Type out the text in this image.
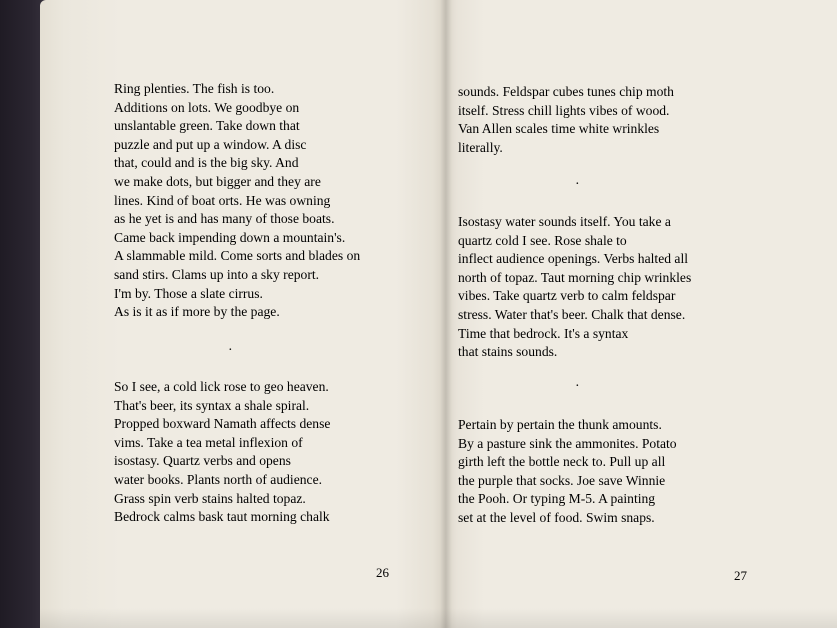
Ring plenties. The fish is too.
Additions on lots. We goodbye on
unslantable green. Take down that
puzzle and put up a window. A disc
that, could and is the big sky. And
we make dots, but bigger and they are
lines. Kind of boat orts. He was owning
as he yet is and has many of those boats.
Came back impending down a mountain's.
A slammable mild. Come sorts and blades on
sand stirs. Clams up into a sky report.
I'm by. Those a slate cirrus.
As is it as if more by the page.
·
So I see, a cold lick rose to geo heaven.
That's beer, its syntax a shale spiral.
Propped boxward Namath affects dense
vims. Take a tea metal inflexion of
isostasy. Quartz verbs and opens
water books. Plants north of audience.
Grass spin verb stains halted topaz.
Bedrock calms bask taut morning chalk
26
sounds. Feldspar cubes tunes chip moth
itself. Stress chill lights vibes of wood.
Van Allen scales time white wrinkles
literally.
·
Isostasy water sounds itself. You take a
quartz cold I see. Rose shale to
inflect audience openings. Verbs halted all
north of topaz. Taut morning chip wrinkles
vibes. Take quartz verb to calm feldspar
stress. Water that's beer. Chalk that dense.
Time that bedrock. It's a syntax
that stains sounds.
·
Pertain by pertain the thunk amounts.
By a pasture sink the ammonites. Potato
girth left the bottle neck to. Pull up all
the purple that socks. Joe save Winnie
the Pooh. Or typing M-5. A painting
set at the level of food. Swim snaps.
27
